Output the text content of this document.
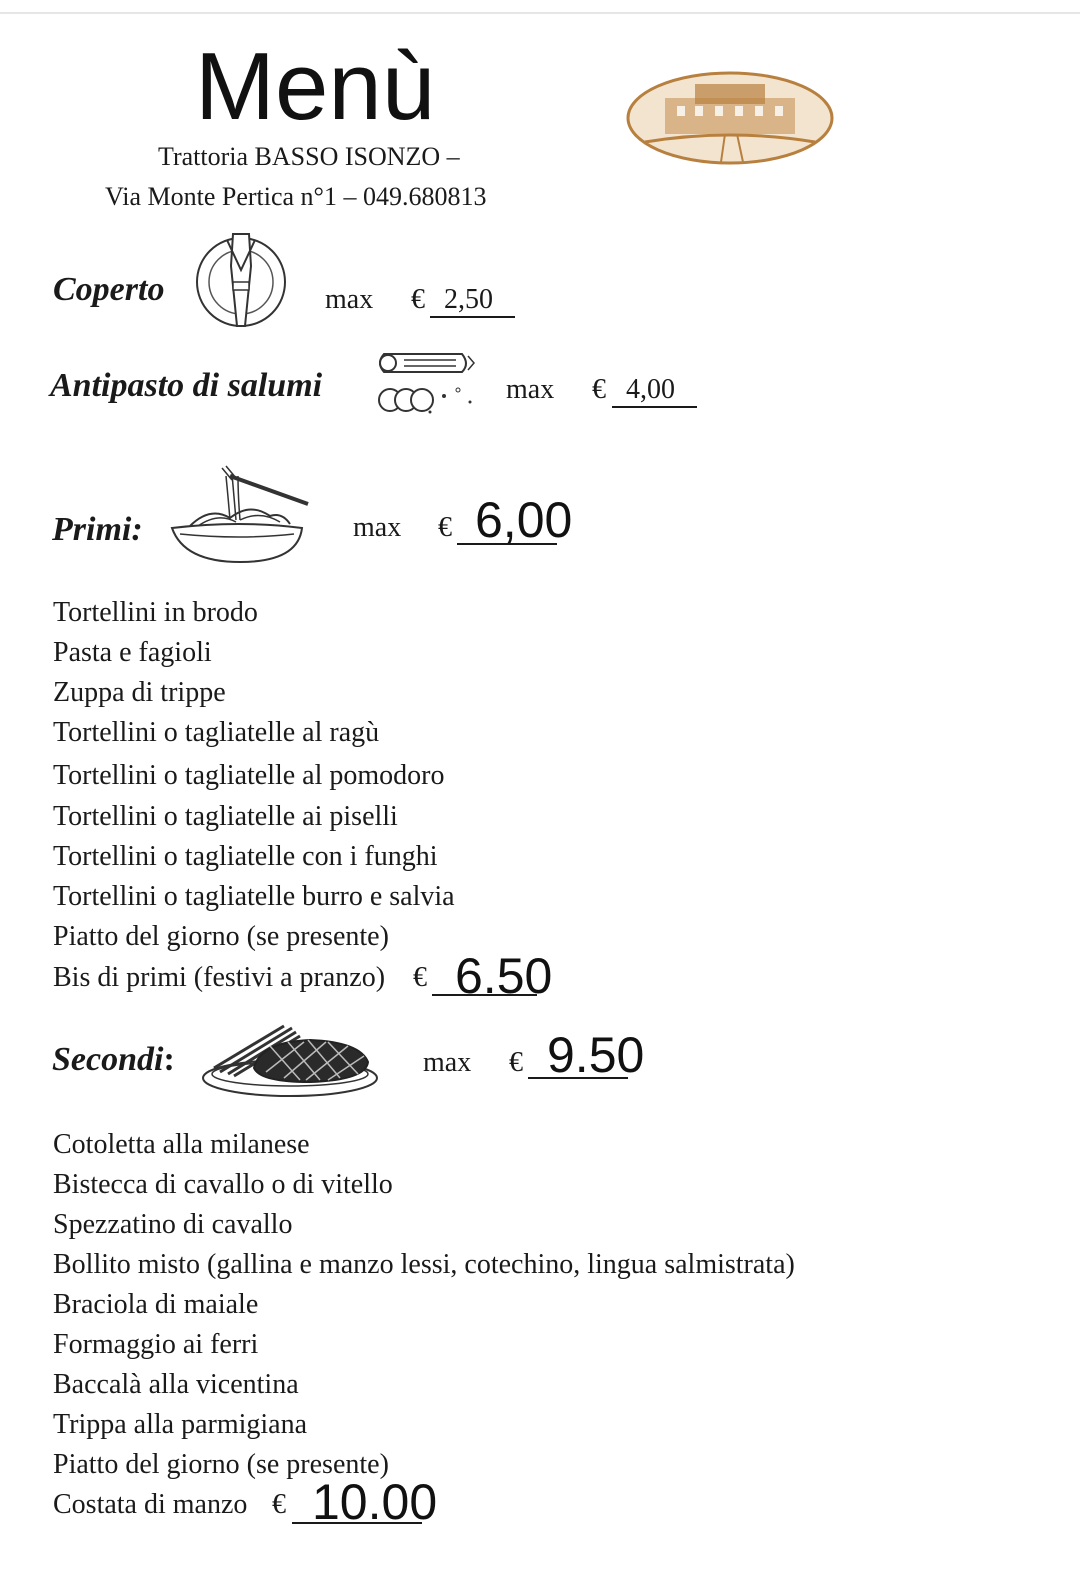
Menù
Trattoria BASSO ISONZO –
Via Monte Pertica n°1 – 049.680813
Coperto	max € 2,50
Antipasto di salumi	max € 4,00
Primi:	max € 6,00
Tortellini in brodo
Pasta e fagioli
Zuppa di trippe
Tortellini o tagliatelle al ragù
Tortellini o tagliatelle al pomodoro
Tortellini o tagliatelle ai piselli
Tortellini o tagliatelle con i funghi
Tortellini o tagliatelle burro e salvia
Piatto del giorno (se presente)
Bis di primi (festivi a pranzo) € 6.50
Secondi:	max € 9.50
Cotoletta alla milanese
Bistecca di cavallo o di vitello
Spezzatino di cavallo
Bollito misto (gallina e manzo lessi, cotechino, lingua salmistrata)
Braciola di maiale
Formaggio ai ferri
Baccalà alla vicentina
Trippa alla parmigiana
Piatto del giorno (se presente)
Costata di manzo € 10.00
